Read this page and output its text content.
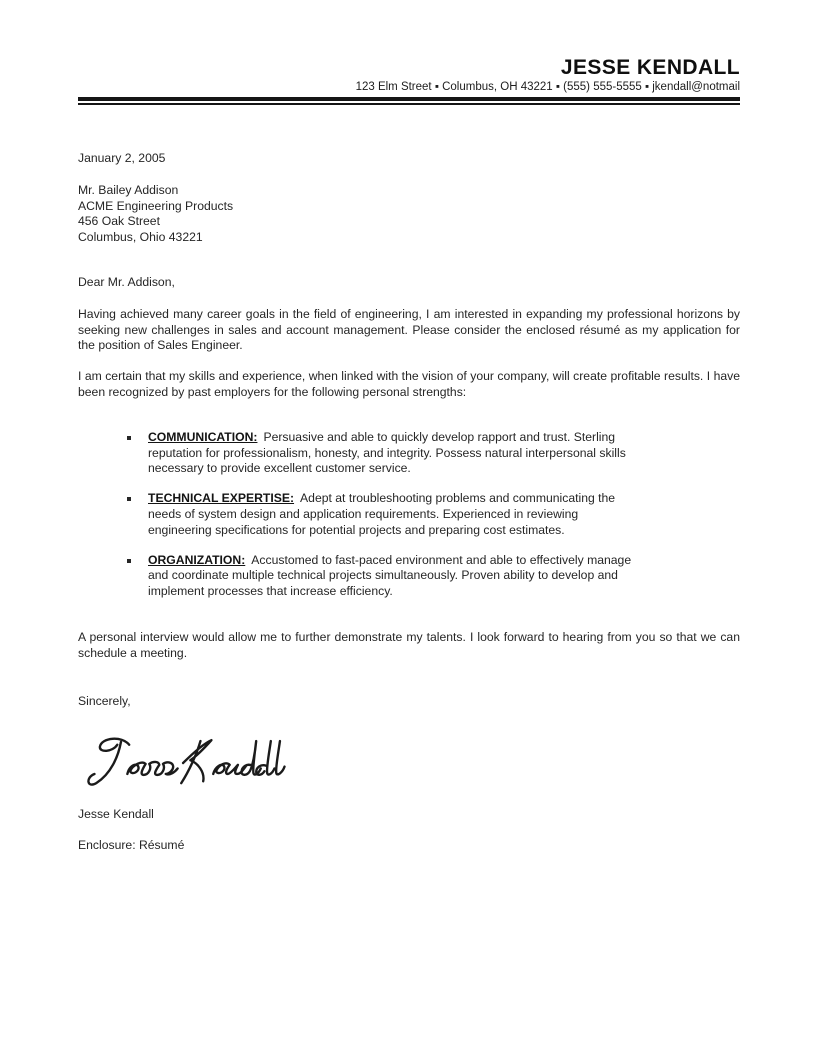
JESSE KENDALL
123 Elm Street ▪ Columbus, OH 43221 ▪ (555) 555-5555 ▪ jkendall@notmail
January 2, 2005
Mr. Bailey Addison
ACME Engineering Products
456 Oak Street
Columbus, Ohio 43221
Dear Mr. Addison,
Having achieved many career goals in the field of engineering, I am interested in expanding my professional horizons by seeking new challenges in sales and account management. Please consider the enclosed résumé as my application for the position of Sales Engineer.
I am certain that my skills and experience, when linked with the vision of your company, will create profitable results. I have been recognized by past employers for the following personal strengths:
COMMUNICATION: Persuasive and able to quickly develop rapport and trust. Sterling reputation for professionalism, honesty, and integrity. Possess natural interpersonal skills necessary to provide excellent customer service.
TECHNICAL EXPERTISE: Adept at troubleshooting problems and communicating the needs of system design and application requirements. Experienced in reviewing engineering specifications for potential projects and preparing cost estimates.
ORGANIZATION: Accustomed to fast-paced environment and able to effectively manage and coordinate multiple technical projects simultaneously. Proven ability to develop and implement processes that increase efficiency.
A personal interview would allow me to further demonstrate my talents. I look forward to hearing from you so that we can schedule a meeting.
Sincerely,
Jesse Kendall
Enclosure: Résumé
